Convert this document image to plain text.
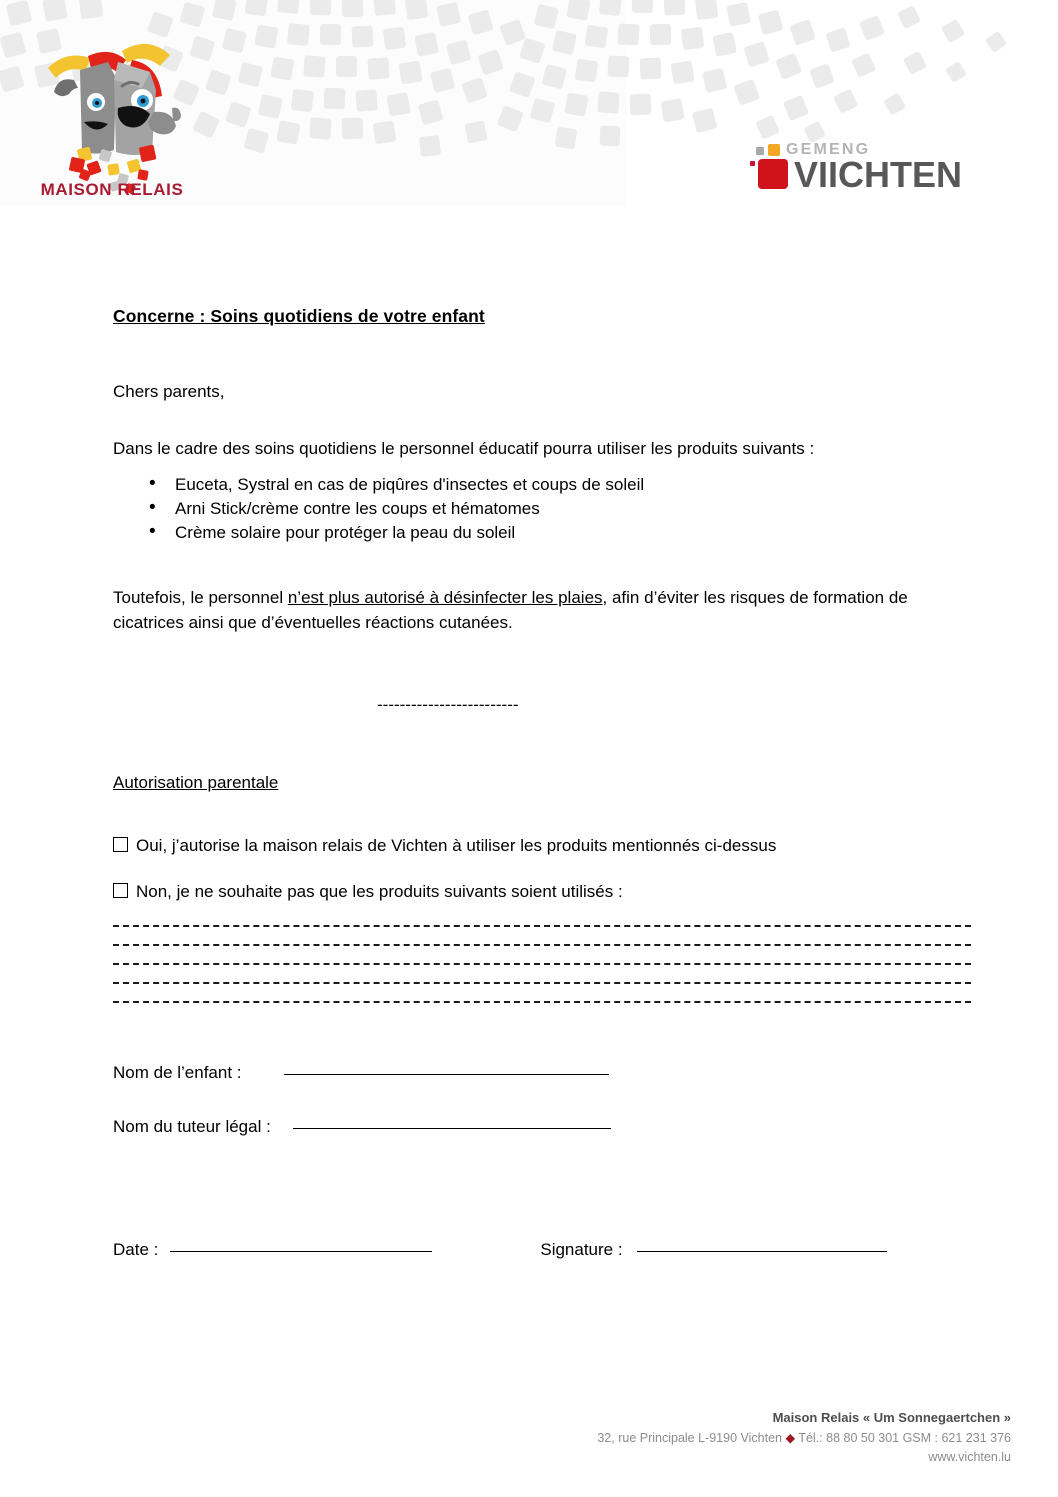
MAISON RELAIS
GEMENG
VIICHTEN
Concerne : Soins quotidiens de votre enfant

Chers parents,

Dans le cadre des soins quotidiens le personnel éducatif pourra utiliser les produits suivants :

• Euceta, Systral en cas de piqûres d'insectes et coups de soleil
• Arni Stick/crème contre les coups et hématomes
• Crème solaire pour protéger la peau du soleil

Toutefois, le personnel n’est plus autorisé à désinfecter les plaies, afin d’éviter les risques de formation de cicatrices ainsi que d’éventuelles réactions cutanées.

-------------------------
Autorisation parentale
Oui, j’autorise la maison relais de Vichten à utiliser les produits mentionnés ci-dessus
Non, je ne souhaite pas que les produits suivants soient utilisés :
Nom de l’enfant :
Nom du tuteur légal :
Date :	Signature :
Maison Relais « Um Sonnegaertchen »
32, rue Principale L-9190 Vichten ◆ Tél.: 88 80 50 301 GSM : 621 231 376
www.vichten.lu
